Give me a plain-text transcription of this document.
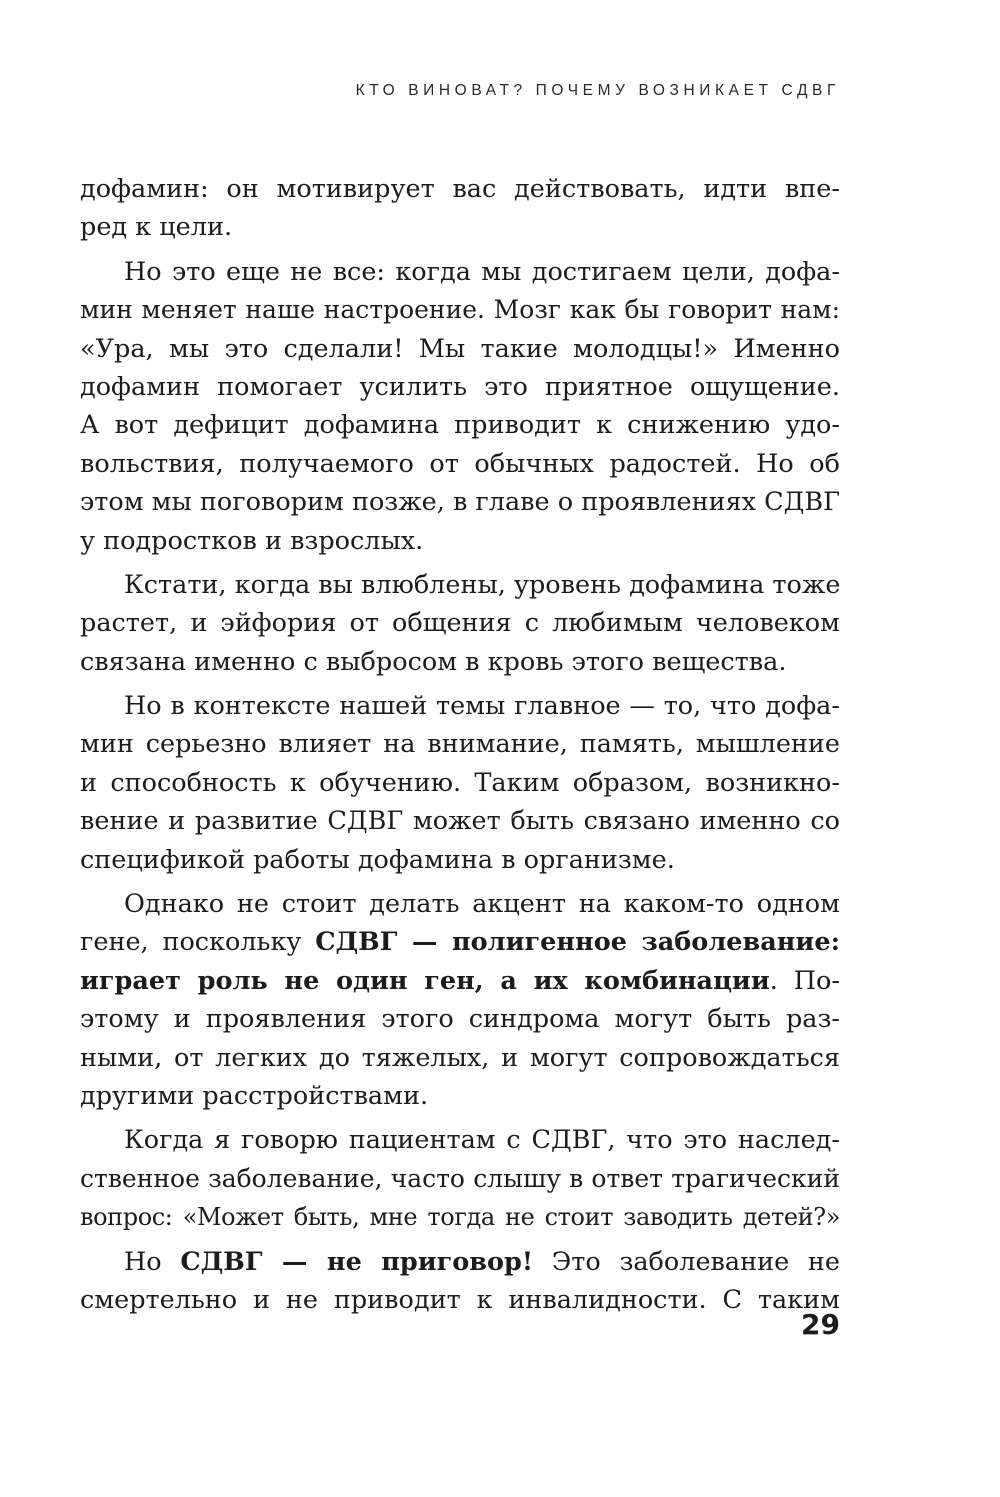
КТО ВИНОВАТ? ПОЧЕМУ ВОЗНИКАЕТ СДВГ
дофамин: он мотивирует вас действовать, идти впе-
ред к цели.
Но это еще не все: когда мы достигаем цели, дофа-
мин меняет наше настроение. Мозг как бы говорит нам:
«Ура, мы это сделали! Мы такие молодцы!» Именно
дофамин помогает усилить это приятное ощущение.
А вот дефицит дофамина приводит к снижению удо-
вольствия, получаемого от обычных радостей. Но об
этом мы поговорим позже, в главе о проявлениях СДВГ
у подростков и взрослых.
Кстати, когда вы влюблены, уровень дофамина тоже
растет, и эйфория от общения с любимым человеком
связана именно с выбросом в кровь этого вещества.
Но в контексте нашей темы главное — то, что дофа-
мин серьезно влияет на внимание, память, мышление
и способность к обучению. Таким образом, возникно-
вение и развитие СДВГ может быть связано именно со
спецификой работы дофамина в организме.
Однако не стоит делать акцент на каком-то одном
гене, поскольку СДВГ — полигенное заболевание:
играет роль не один ген, а их комбинации. По-
этому и проявления этого синдрома могут быть раз-
ными, от легких до тяжелых, и могут сопровождаться
другими расстройствами.
Когда я говорю пациентам с СДВГ, что это наслед-
ственное заболевание, часто слышу в ответ трагический
вопрос: «Может быть, мне тогда не стоит заводить детей?»
Но СДВГ — не приговор! Это заболевание не
смертельно и не приводит к инвалидности. С таким
29
